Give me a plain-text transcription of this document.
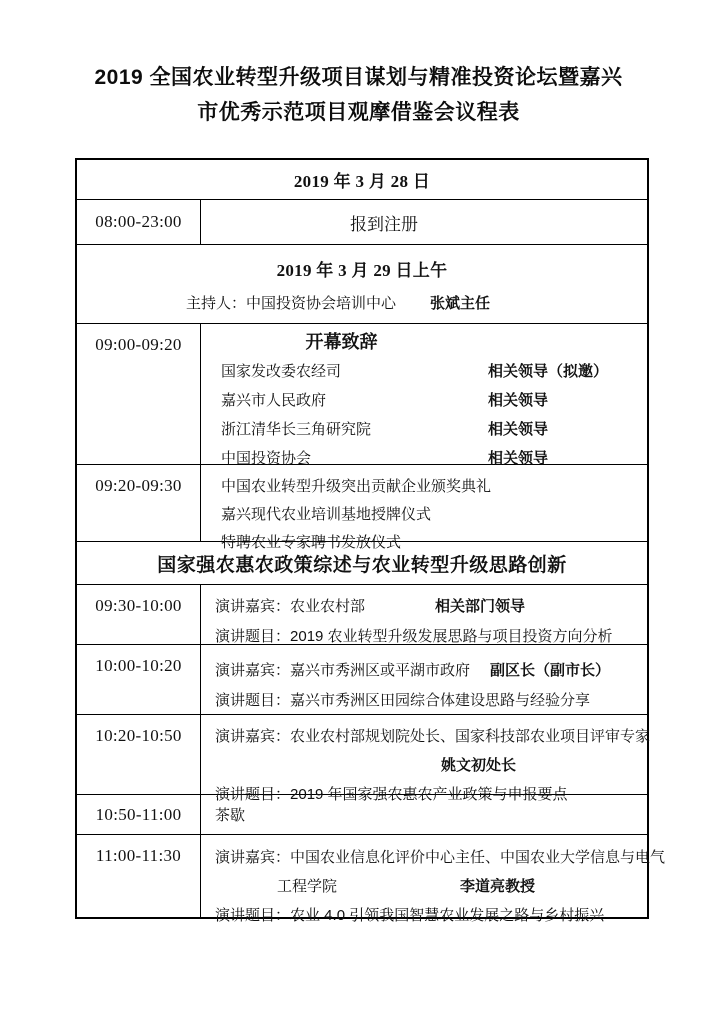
2019 全国农业转型升级项目谋划与精准投资论坛暨嘉兴
市优秀示范项目观摩借鉴会议程表
2019 年 3 月 28 日
08:00-23:00	报到注册
2019 年 3 月 29 日上午
主持人：中国投资协会培训中心 张斌主任
09:00-09:20	开幕致辞
国家发改委农经司	相关领导（拟邀）
嘉兴市人民政府	相关领导
浙江清华长三角研究院	相关领导
中国投资协会	相关领导
09:20-09:30	中国农业转型升级突出贡献企业颁奖典礼
嘉兴现代农业培训基地授牌仪式
特聘农业专家聘书发放仪式
国家强农惠农政策综述与农业转型升级思路创新
09:30-10:00	演讲嘉宾：农业农村部	相关部门领导
演讲题目：2019 农业转型升级发展思路与项目投资方向分析
10:00-10:20	演讲嘉宾：嘉兴市秀洲区或平湖市政府 副区长（副市长）
演讲题目：嘉兴市秀洲区田园综合体建设思路与经验分享
10:20-10:50	演讲嘉宾：农业农村部规划院处长、国家科技部农业项目评审专家
姚文初处长
演讲题目：2019 年国家强农惠农产业政策与申报要点
10:50-11:00	茶歇
11:00-11:30	演讲嘉宾：中国农业信息化评价中心主任、中国农业大学信息与电气
工程学院	李道亮教授
演讲题目：农业 4.0 引领我国智慧农业发展之路与乡村振兴
